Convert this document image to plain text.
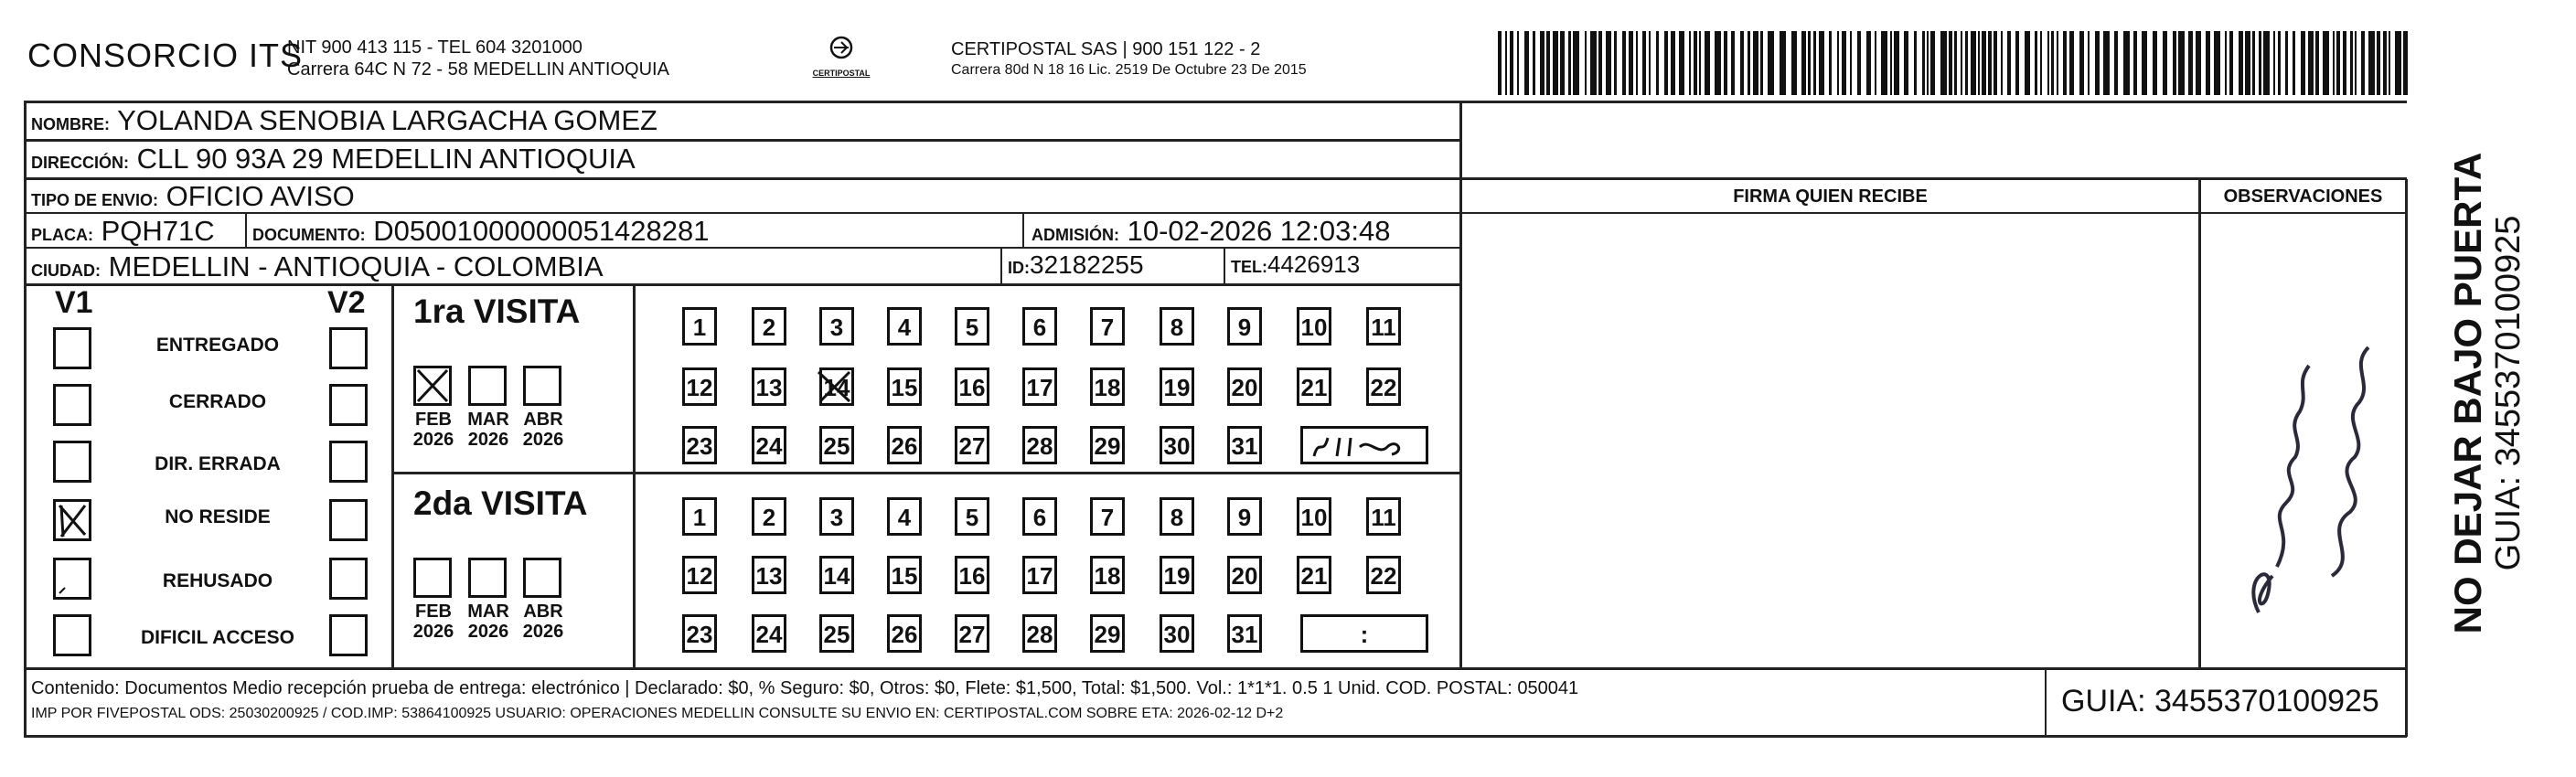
CONSORCIO ITS
NIT 900 413 115 - TEL 604 3201000
Carrera 64C N 72 - 58 MEDELLIN ANTIOQUIA	CERTIPOSTAL
CERTIPOSTAL SAS | 900 151 122 - 2
Carrera 80d N 18 16 Lic. 2519 De Octubre 23 De 2015
NOMBRE: YOLANDA SENOBIA LARGACHA GOMEZ
DIRECCIÓN: CLL 90 93A 29 MEDELLIN ANTIOQUIA
TIPO DE ENVIO: OFICIO AVISO
PLACA: PQH71C DOCUMENTO: D05001000000051428281	ADMISIÓN: 10-02-2026 12:03:48
CIUDAD: MEDELLIN - ANTIOQUIA - COLOMBIA	ID:32182255	TEL:4426913
FIRMA QUIEN RECIBE	OBSERVACIONES	NO DEJAR BAJO PUERTA GUIA: 3455370100925
V1	V2
ENTREGADO
CERRADO
DIR. ERRADA
NO RESIDE
REHUSADO
DIFICIL ACCESO
1ra VISITA
2da VISITA
FEB
2026
MAR
2026
ABR
2026
FEB
2026
MAR
2026
ABR
2026
1	2	3	4	5	6	7	8	9	10 11
12 13 14 15 16 17 18 19 20 21 22
23 24 25 26 27 28 29 30 31
1	2	3	4	5	6	7	8	9	10 11
12 13 14 15 16 17 18 19 20 21 22
23 24 25 26 27 28 29 30 31	:
Contenido: Documentos Medio recepción prueba de entrega: electrónico | Declarado: $0, % Seguro: $0, Otros: $0, Flete: $1,500, Total: $1,500. Vol.: 1*1*1. 0.5 1 Unid. COD. POSTAL: 050041
IMP POR FIVEPOSTAL ODS: 25030200925 / COD.IMP: 53864100925 USUARIO: OPERACIONES MEDELLIN CONSULTE SU ENVIO EN: CERTIPOSTAL.COM SOBRE ETA: 2026-02-12 D+2	GUIA: 3455370100925
